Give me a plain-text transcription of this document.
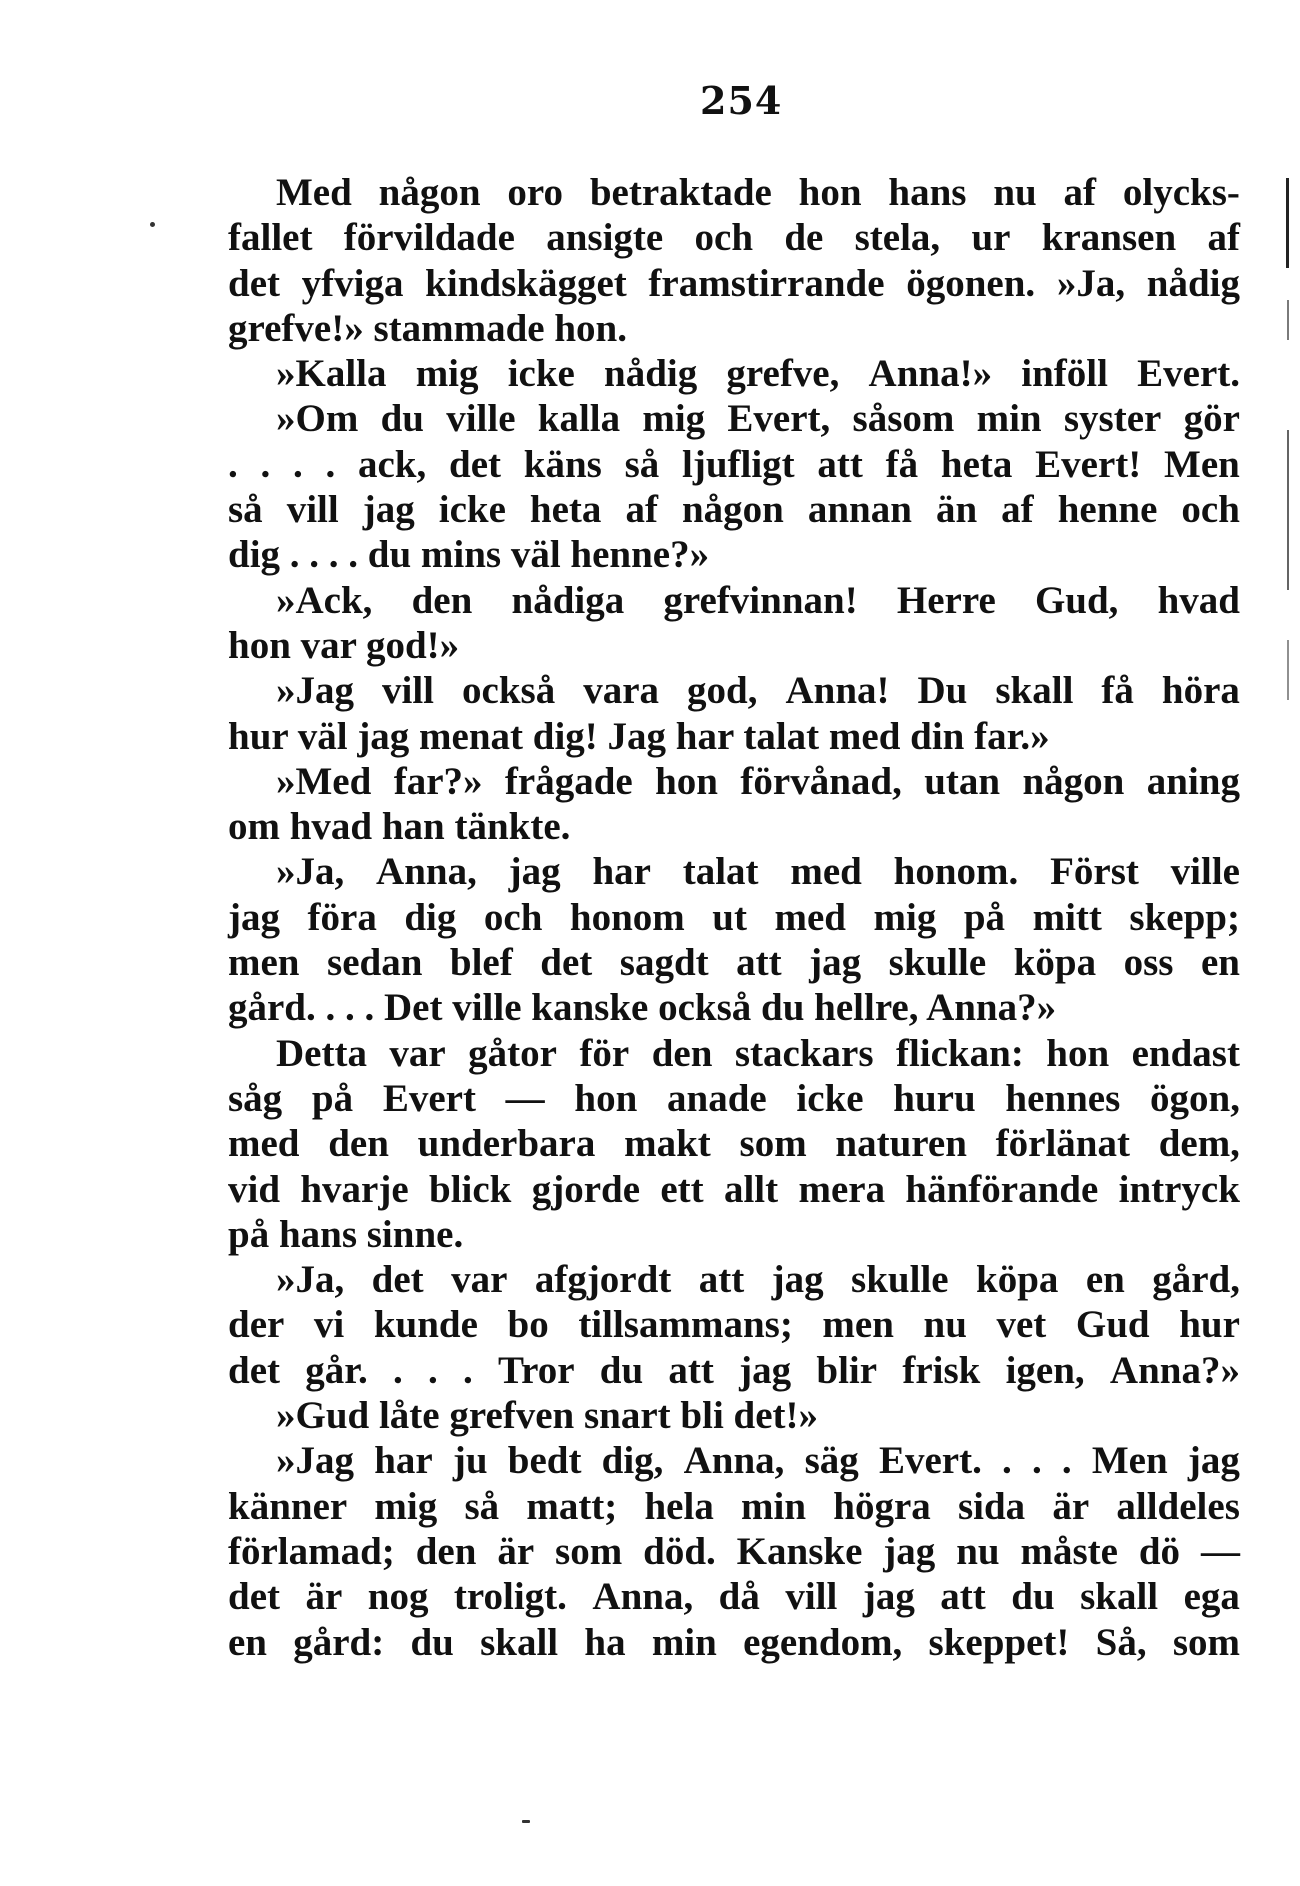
254
Med någon oro betraktade hon hans nu af olycks-
fallet förvildade ansigte och de stela, ur kransen af
det yfviga kindskägget framstirrande ögonen. »Ja, nådig
grefve!» stammade hon.
»Kalla mig icke nådig grefve, Anna!» inföll Evert.
»Om du ville kalla mig Evert, såsom min syster gör
. . . . ack, det käns så ljufligt att få heta Evert! Men
så vill jag icke heta af någon annan än af henne och
dig . . . . du mins väl henne?»
»Ack, den nådiga grefvinnan! Herre Gud, hvad
hon var god!»
»Jag vill också vara god, Anna! Du skall få höra
hur väl jag menat dig! Jag har talat med din far.»
»Med far?» frågade hon förvånad, utan någon aning
om hvad han tänkte.
»Ja, Anna, jag har talat med honom. Först ville
jag föra dig och honom ut med mig på mitt skepp;
men sedan blef det sagdt att jag skulle köpa oss en
gård. . . . Det ville kanske också du hellre, Anna?»
Detta var gåtor för den stackars flickan: hon endast
såg på Evert — hon anade icke huru hennes ögon,
med den underbara makt som naturen förlänat dem,
vid hvarje blick gjorde ett allt mera hänförande intryck
på hans sinne.
»Ja, det var afgjordt att jag skulle köpa en gård,
der vi kunde bo tillsammans; men nu vet Gud hur
det går. . . . Tror du att jag blir frisk igen, Anna?»
»Gud låte grefven snart bli det!»
»Jag har ju bedt dig, Anna, säg Evert. . . . Men jag
känner mig så matt; hela min högra sida är alldeles
förlamad; den är som död. Kanske jag nu måste dö —
det är nog troligt. Anna, då vill jag att du skall ega
en gård: du skall ha min egendom, skeppet! Så, som
